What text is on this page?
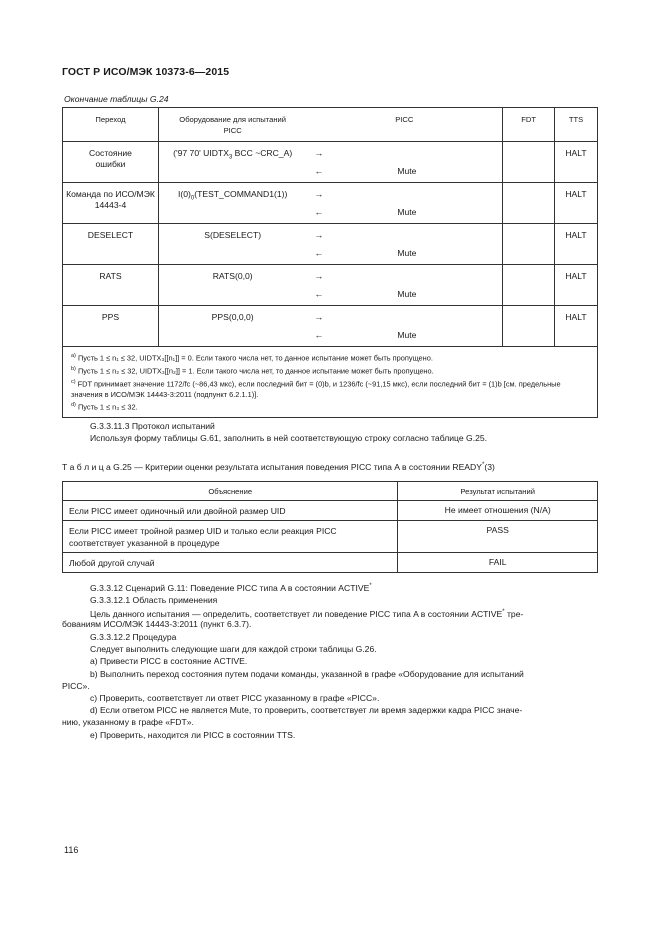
ГОСТ Р ИСО/МЭК 10373-6—2015
Окончание таблицы G.24
Переход	Оборудование для испытаний PICC	PICC	FDT	TTS
Состояние ошибки	('97 70' $UIDTX_3$ BCC ~CRC_A)	→
← Mute		HALT
Команда по ИСО/МЭК 14443-4	$I(0)_0(TEST\_COMMAND1(1))$	→
← Mute		HALT
DESELECT	S(DESELECT)	→
← Mute		HALT
RATS	RATS(0,0)	→
← Mute		HALT
PPS	PPS(0,0,0)	→
← Mute		HALT

$^{a)}$ Пусть 1 ≤ n₁ ≤ 32, UIDTX₃[[n₁]] = 0. Если такого числа нет, то данное испытание может быть пропущено.
$^{b)}$ Пусть 1 ≤ n₂ ≤ 32, UIDTX₃[[n₂]] = 1. Если такого числа нет, то данное испытание может быть пропущено.
$^{c)}$ FDT принимает значение 1172/fc (~86,43 мкс), если последний бит = (0)b, и 1236/fc (~91,15 мкс), если последний бит = (1)b [см. предельные значения в ИСО/МЭК 14443-3:2011 (подпункт 6.2.1.1)].
$^{d)}$ Пусть 1 ≤ n₃ ≤ 32.				
G.3.3.11.3 Протокол испытаний
Используя форму таблицы G.61, заполнить в ней соответствующую строку согласно таблице G.25.
Т а б л и ц а G.25 — Критерии оценки результата испытания поведения PICC типа A в состоянии READY*(3)
Объяснение	Результат испытаний
Если PICC имеет одиночный или двойной размер UID	Не имеет отношения (N/A)
Если PICC имеет тройной размер UID и только если реакция PICC соответствует указанной в процедуре	PASS
Любой другой случай	FAIL
G.3.3.12 Сценарий G.11: Поведение PICC типа A в состоянии ACTIVE*
G.3.3.12.1 Область применения
Цель данного испытания — определить, соответствует ли поведение PICC типа A в состоянии ACTIVE* тре-
бованиям ИСО/МЭК 14443-3:2011 (пункт 6.3.7).
G.3.3.12.2 Процедура
Следует выполнить следующие шаги для каждой строки таблицы G.26.
a) Привести PICC в состояние ACTIVE.
b) Выполнить переход состояния путем подачи команды, указанной в графе «Оборудование для испытаний
PICC».
c) Проверить, соответствует ли ответ PICC указанному в графе «PICC».
d) Если ответом PICC не является Mute, то проверить, соответствует ли время задержки кадра PICC значе-
нию, указанному в графе «FDT».
e) Проверить, находится ли PICC в состоянии TTS.
116
